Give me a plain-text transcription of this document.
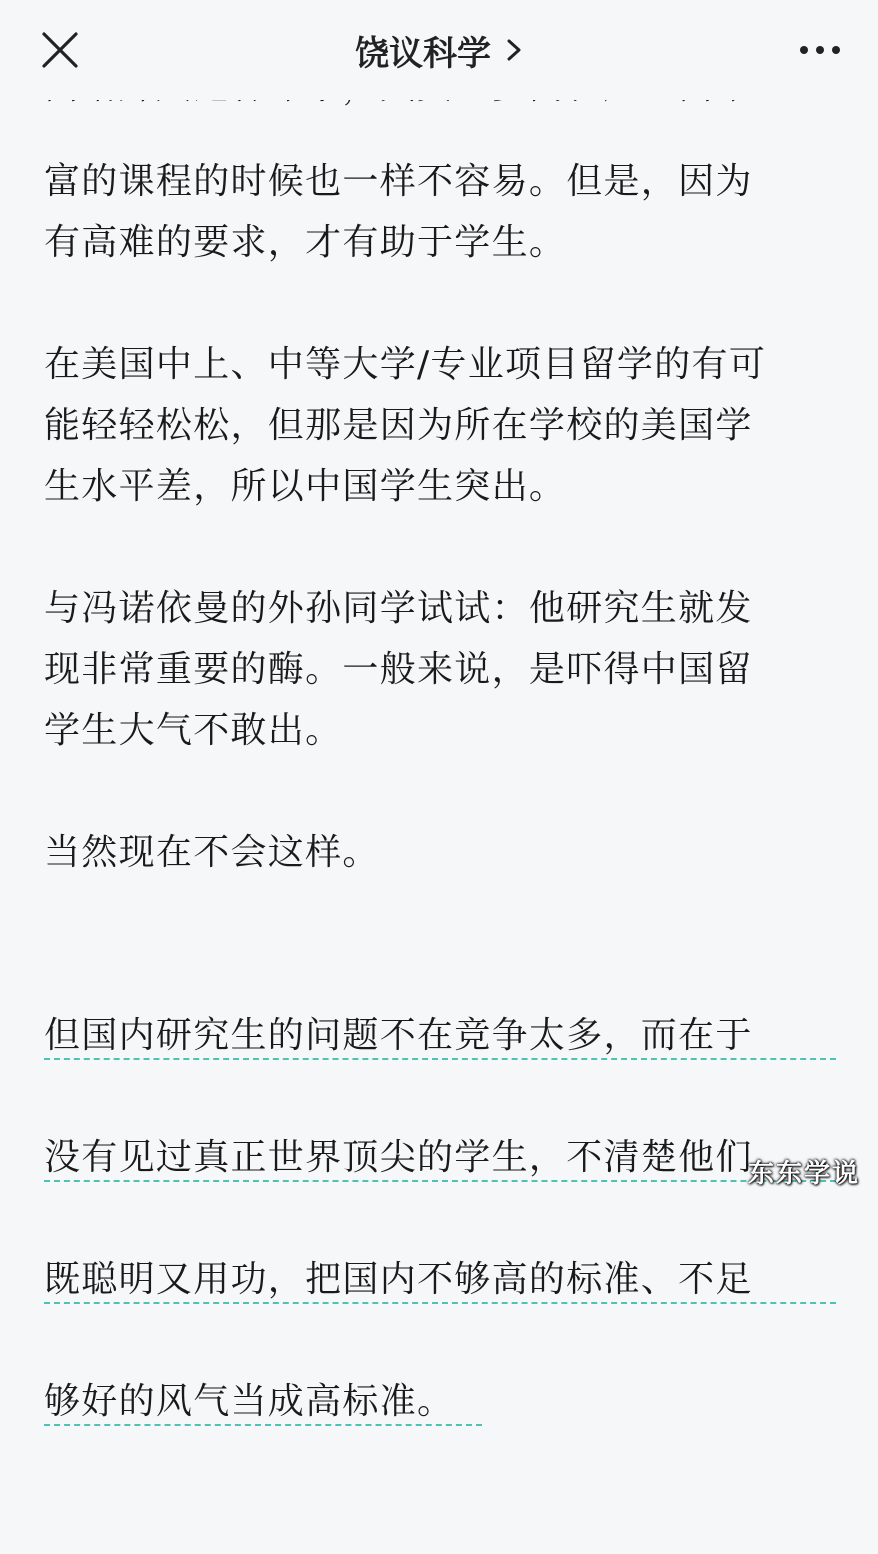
饶议科学

富的课程的时候也一样不容易。但是，因为
有高难的要求，才有助于学生。

在美国中上、中等大学/专业项目留学的有可
能轻轻松松，但那是因为所在学校的美国学
生水平差，所以中国学生突出。

与冯诺依曼的外孙同学试试：他研究生就发
现非常重要的酶。一般来说，是吓得中国留
学生大气不敢出。

当然现在不会这样。

但国内研究生的问题不在竞争太多，而在于

没有见过真正世界顶尖的学生，不清楚他们

既聪明又用功，把国内不够高的标准、不足

够好的风气当成高标准。

东东学说
